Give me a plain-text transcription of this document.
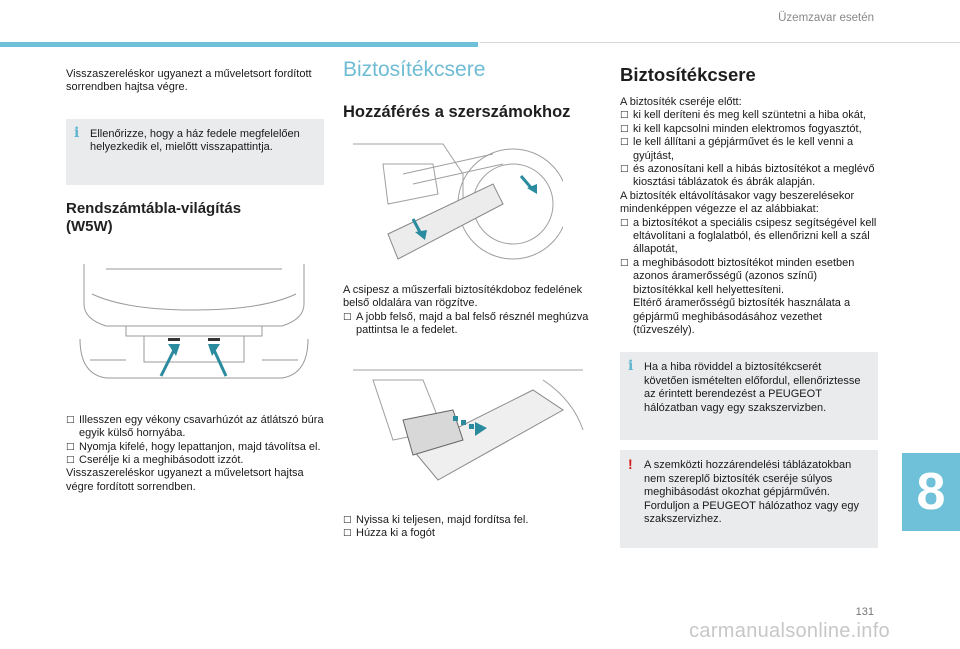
Üzemzavar esetén

Visszaszereléskor ugyanezt a műveletsort fordított sorrendben hajtsa végre.

i Ellenőrizze, hogy a ház fedele megfelelően helyezkedik el, mielőtt visszapattintja.

Rendszámtábla-világítás (W5W)
□ Illesszen egy vékony csavarhúzót az átlátszó búra egyik külső hornyába.
□ Nyomja kifelé, hogy lepattanjon, majd távolítsa el.
□ Cserélje ki a meghibásodott izzót.

Visszaszereléskor ugyanezt a műveletsort hajtsa végre fordított sorrendben.

Biztosítékcsere
Hozzáférés a szerszámokhoz

A csipesz a műszerfali biztosítékdoboz fedelének belső oldalára van rögzítve.

□ A jobb felső, majd a bal felső résznél meghúzva pattintsa le a fedelet.
□ Nyissa ki teljesen, majd fordítsa fel.
□ Húzza ki a fogót
Biztosítékcsere

A biztosíték cseréje előtt:

□ ki kell deríteni és meg kell szüntetni a hiba okát,
□ ki kell kapcsolni minden elektromos fogyasztót,
□ le kell állítani a gépjárművet és le kell venni a gyújtást,
□ és azonosítani kell a hibás biztosítékot a meglévő kiosztási táblázatok és ábrák alapján.

A biztosíték eltávolításakor vagy beszerelésekor mindenképpen végezze el az alábbiakat:

□ a biztosítékot a speciális csipesz segítségével kell eltávolítani a foglalatból, és ellenőrizni kell a szál állapotát,
□ a meghibásodott biztosítékot minden esetben azonos áramerősségű (azonos színű) biztosítékkal kell helyettesíteni.

Eltérő áramerősségű biztosíték használata a gépjármű meghibásodásához vezethet (tűzveszély).

i Ha a hiba röviddel a biztosítékcserét követően ismételten előfordul, ellenőriztesse az érintett berendezést a PEUGEOT hálózatban vagy egy szakszervizben.

! A szemközti hozzárendelési táblázatokban nem szereplő biztosíték cseréje súlyos meghibásodást okozhat gépjárművén. Forduljon a PEUGEOT hálózathoz vagy egy szakszervizhez.	8
131
carmanualsonline.info
